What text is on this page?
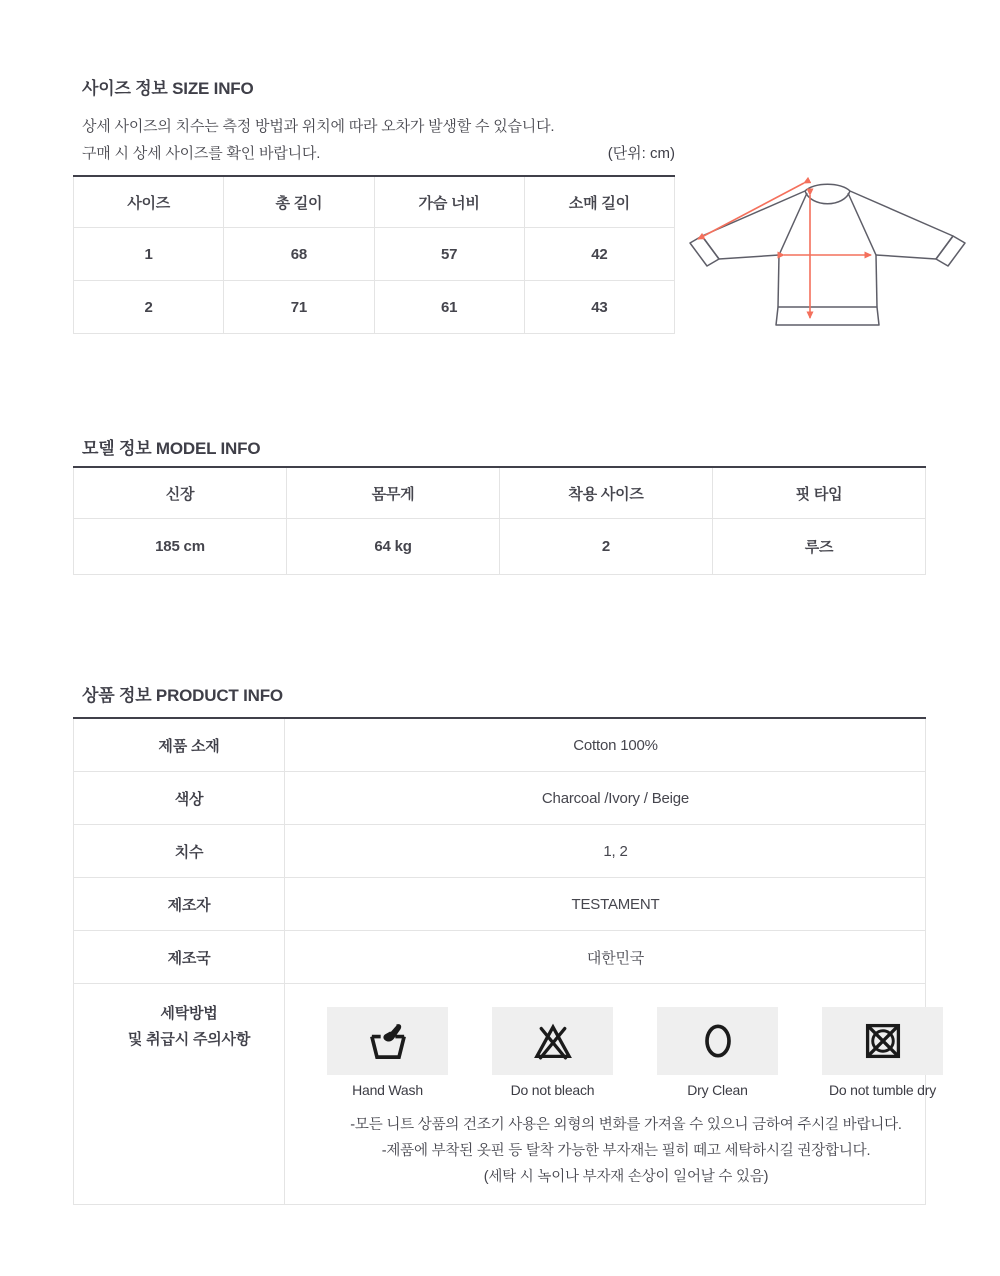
사이즈 정보 SIZE INFO
상세 사이즈의 치수는 측정 방법과 위치에 따라 오차가 발생할 수 있습니다.
구매 시 상세 사이즈를 확인 바랍니다.	(단위: cm)
사이즈	총 길이	가슴 너비	소매 길이
1	68	57	42
2	71	61	43
모델 정보 MODEL INFO
신장	몸무게	착용 사이즈	핏 타입
185 cm	64 kg	2	루즈
상품 정보 PRODUCT INFO
제품 소재	Cotton 100%
색상	Charcoal /Ivory / Beige
치수	1, 2
제조자	TESTAMENT
제조국	대한민국

세탁방법
및 취급시 주의사항

Hand Wash	Do not bleach	Dry Clean	Do not tumble dry
-모든 니트 상품의 건조기 사용은 외형의 변화를 가져올 수 있으니 금하여 주시길 바랍니다.
-제품에 부착된 옷핀 등 탈착 가능한 부자재는 필히 떼고 세탁하시길 권장합니다.
(세탁 시 녹이나 부자재 손상이 일어날 수 있음)
